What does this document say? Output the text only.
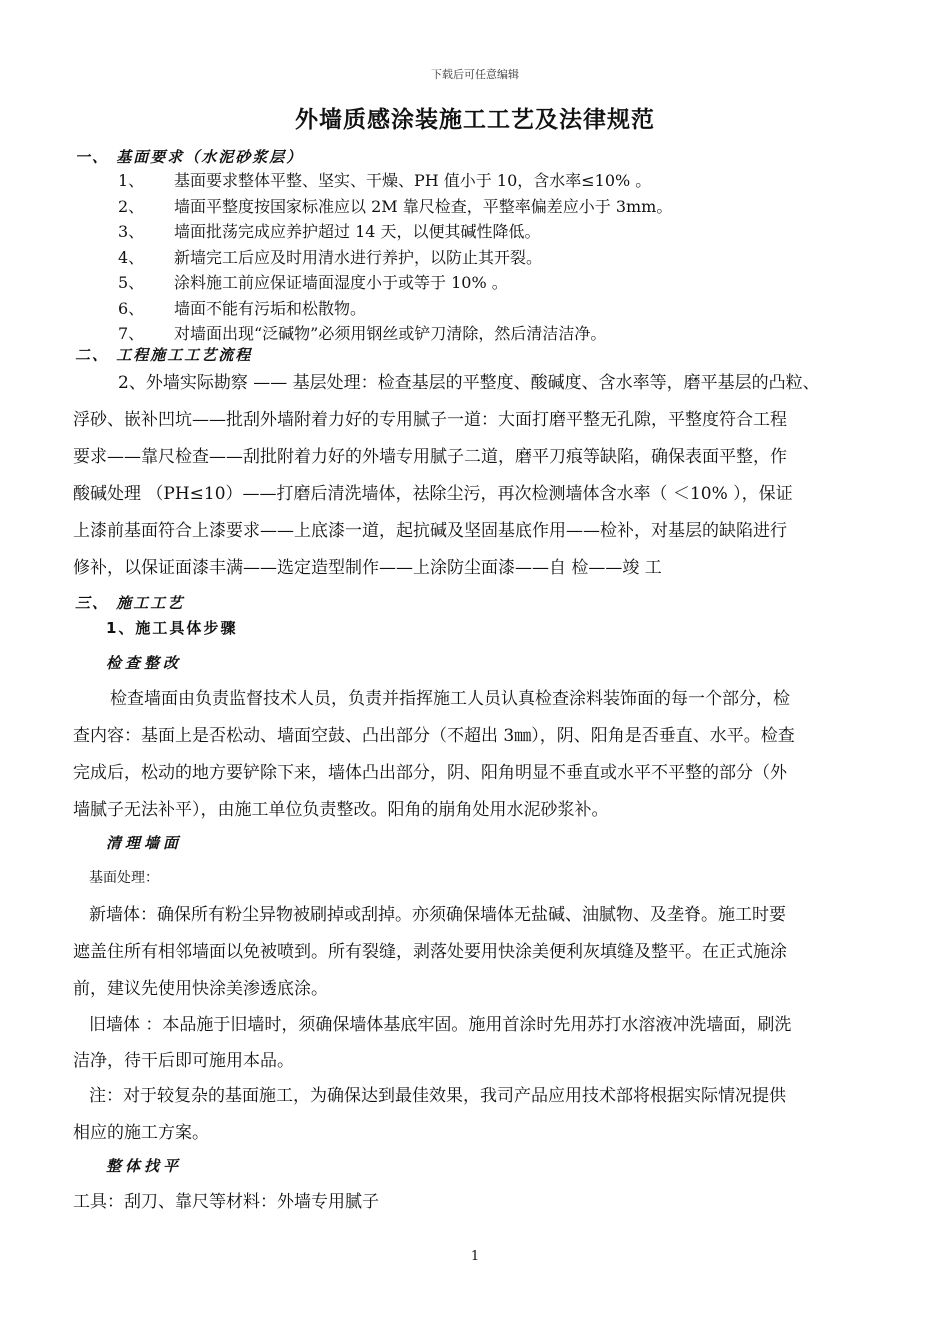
下载后可任意编辑
外墙质感涂装施工工艺及法律规范
一、 基面要求（水泥砂浆层）
1、 基面要求整体平整、坚实、干燥、PH 值小于 10，含水率≤10% 。
2、 墙面平整度按国家标准应以 2M 靠尺检查，平整率偏差应小于 3mm。
3、 墙面批荡完成应养护超过 14 天，以便其碱性降低。
4、 新墙完工后应及时用清水进行养护，以防止其开裂。
5、 涂料施工前应保证墙面湿度小于或等于 10% 。
6、 墙面不能有污垢和松散物。
7、 对墙面出现“泛碱物”必须用钢丝或铲刀清除，然后清洁洁净。
二、 工程施工工艺流程

2、外墙实际勘察 —— 基层处理：检查基层的平整度、酸碱度、含水率等，磨平基层的凸粒、

浮砂、嵌补凹坑——批刮外墙附着力好的专用腻子一道：大面打磨平整无孔隙，平整度符合工程

要求——靠尺检查——刮批附着力好的外墙专用腻子二道，磨平刀痕等缺陷，确保表面平整，作

酸碱处理 （PH≤10）——打磨后清洗墙体，祛除尘污，再次检测墙体含水率（ ＜10% ），保证

上漆前基面符合上漆要求——上底漆一道，起抗碱及坚固基底作用——检补，对基层的缺陷进行

修补，以保证面漆丰满——选定造型制作——上涂防尘面漆——自 检——竣 工

三、 施工工艺
1、施工具体步骤
检查整改

检查墙面由负责监督技术人员，负责并指挥施工人员认真检查涂料装饰面的每一个部分，检

查内容：基面上是否松动、墙面空鼓、凸出部分（不超出 3㎜），阴、阳角是否垂直、水平。检查

完成后，松动的地方要铲除下来，墙体凸出部分，阴、阳角明显不垂直或水平不平整的部分（外

墙腻子无法补平），由施工单位负责整改。阳角的崩角处用水泥砂浆补。

清理墙面

基面处理：

新墙体：确保所有粉尘异物被刷掉或刮掉。亦须确保墙体无盐碱、油腻物、及垄脊。施工时要

遮盖住所有相邻墙面以免被喷到。所有裂缝，剥落处要用快涂美便利灰填缝及整平。在正式施涂

前，建议先使用快涂美渗透底涂。

旧墙体 ：本品施于旧墙时，须确保墙体基底牢固。施用首涂时先用苏打水溶液冲洗墙面，刷洗

洁净，待干后即可施用本品。

注：对于较复杂的基面施工，为确保达到最佳效果，我司产品应用技术部将根据实际情况提供

相应的施工方案。

整体找平

工具：刮刀、靠尺等材料：外墙专用腻子

1
